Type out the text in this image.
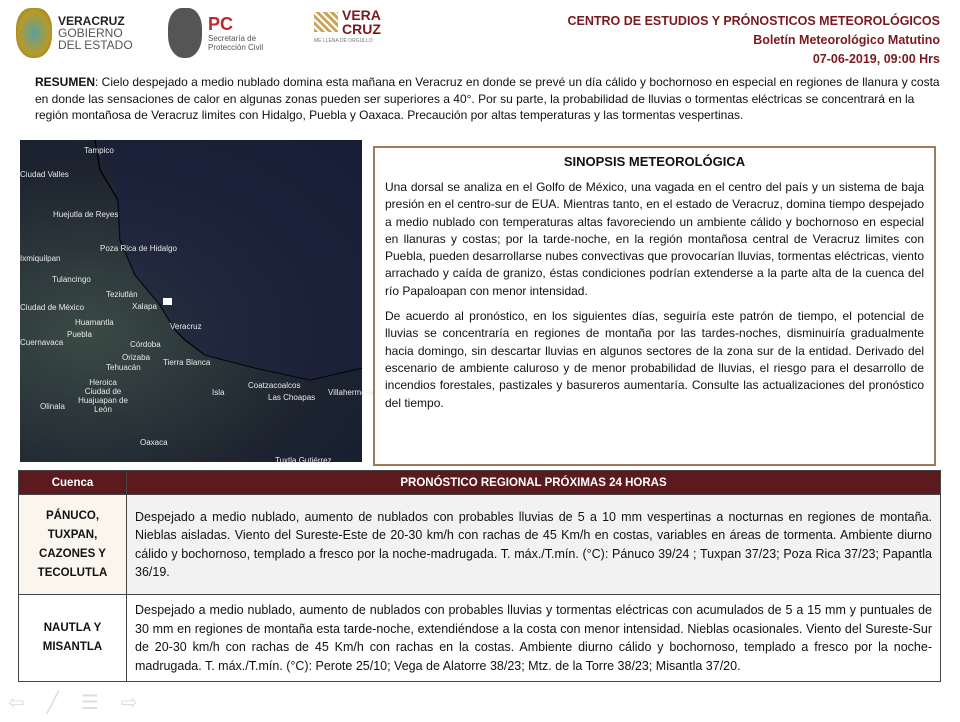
VERACRUZ
GOBIERNO
DEL ESTADO
PC
Secretaría de
Protección Civil
VERA
CRUZ
ME LLENA DE ORGULLO
CENTRO DE ESTUDIOS Y PRÓNOSTICOS METEOROLÓGICOS
Boletín Meteorológico Matutino
07-06-2019, 09:00 Hrs
RESUMEN: Cielo despejado a medio nublado domina esta mañana en Veracruz en donde se prevé un día cálido y bochornoso en especial en regiones de llanura y costa en donde las sensaciones de calor en algunas zonas pueden ser superiores a 40°. Por su parte, la probabilidad de lluvias o tormentas eléctricas se concentrará en la región montañosa de Veracruz limites con Hidalgo, Puebla y Oaxaca. Precaución por altas temperaturas y las tormentas vespertinas.
Tampico
Ciudad Valles
Huejutla de Reyes
Poza Rica de Hidalgo
Ixmiquilpan
Tulancingo
Teziutlán
Xalapa
Ciudad de México
Huamantla	Veracruz
Puebla
Cuernavaca	Córdoba
Orizaba
Tierra Blanca
Tehuacán
Heroica Ciudad de Huajuapan de León
Isla
Coatzacoalcos
Las Choapas
Villahermosa
Olinala
Oaxaca
Tuxtla Gutiérrez
SINOPSIS METEOROLÓGICA

Una dorsal se analiza en el Golfo de México, una vagada en el centro del país y un sistema de baja presión en el centro-sur de EUA. Mientras tanto, en el estado de Veracruz, domina tiempo despejado a medio nublado con temperaturas altas favoreciendo un ambiente cálido y bochornoso en especial en llanuras y costas; por la tarde-noche, en la región montañosa central de Veracruz limites con Puebla, pueden desarrollarse nubes convectivas que provocarían lluvias, tormentas eléctricas, viento arrachado y caída de granizo, éstas condiciones podrían extenderse a la parte alta de la cuenca del río Papaloapan con menor intensidad.

De acuerdo al pronóstico, en los siguientes días, seguiría este patrón de tiempo, el potencial de lluvias se concentraría en regiones de montaña por las tardes-noches, disminuiría gradualmente hacia domingo, sin descartar lluvias en algunos sectores de la zona sur de la entidad. Derivado del escenario de ambiente caluroso y de menor probabilidad de lluvias, el riesgo para el desarrollo de incendios forestales, pastizales y basureros aumentaría. Consulte las actualizaciones del pronóstico del tiempo.

Cuenca	PRONÓSTICO REGIONAL PRÓXIMAS 24 HORAS
PÁNUCO, TUXPAN, CAZONES Y TECOLUTLA	Despejado a medio nublado, aumento de nublados con probables lluvias de 5 a 10 mm vespertinas a nocturnas en regiones de montaña. Nieblas aisladas. Viento del Sureste-Este de 20-30 km/h con rachas de 45 Km/h en costas, variables en áreas de tormenta. Ambiente diurno cálido y bochornoso, templado a fresco por la noche-madrugada. T. máx./T.mín. (°C): Pánuco 39/24 ; Tuxpan 37/23; Poza Rica 37/23; Papantla 36/19.
NAUTLA Y MISANTLA	Despejado a medio nublado, aumento de nublados con probables lluvias y tormentas eléctricas con acumulados de 5 a 15 mm y puntuales de 30 mm en regiones de montaña esta tarde-noche, extendiéndose a la costa con menor intensidad. Nieblas ocasionales. Viento del Sureste-Sur de 20-30 km/h con rachas de 45 Km/h con rachas en la costas. Ambiente diurno cálido y bochornoso, templado a fresco por la noche-madrugada. T. máx./T.mín. (°C): Perote 25/10; Vega de Alatorre 38/23; Mtz. de la Torre 38/23; Misantla 37/20.
⇦ ╱ ☰ ⇨
